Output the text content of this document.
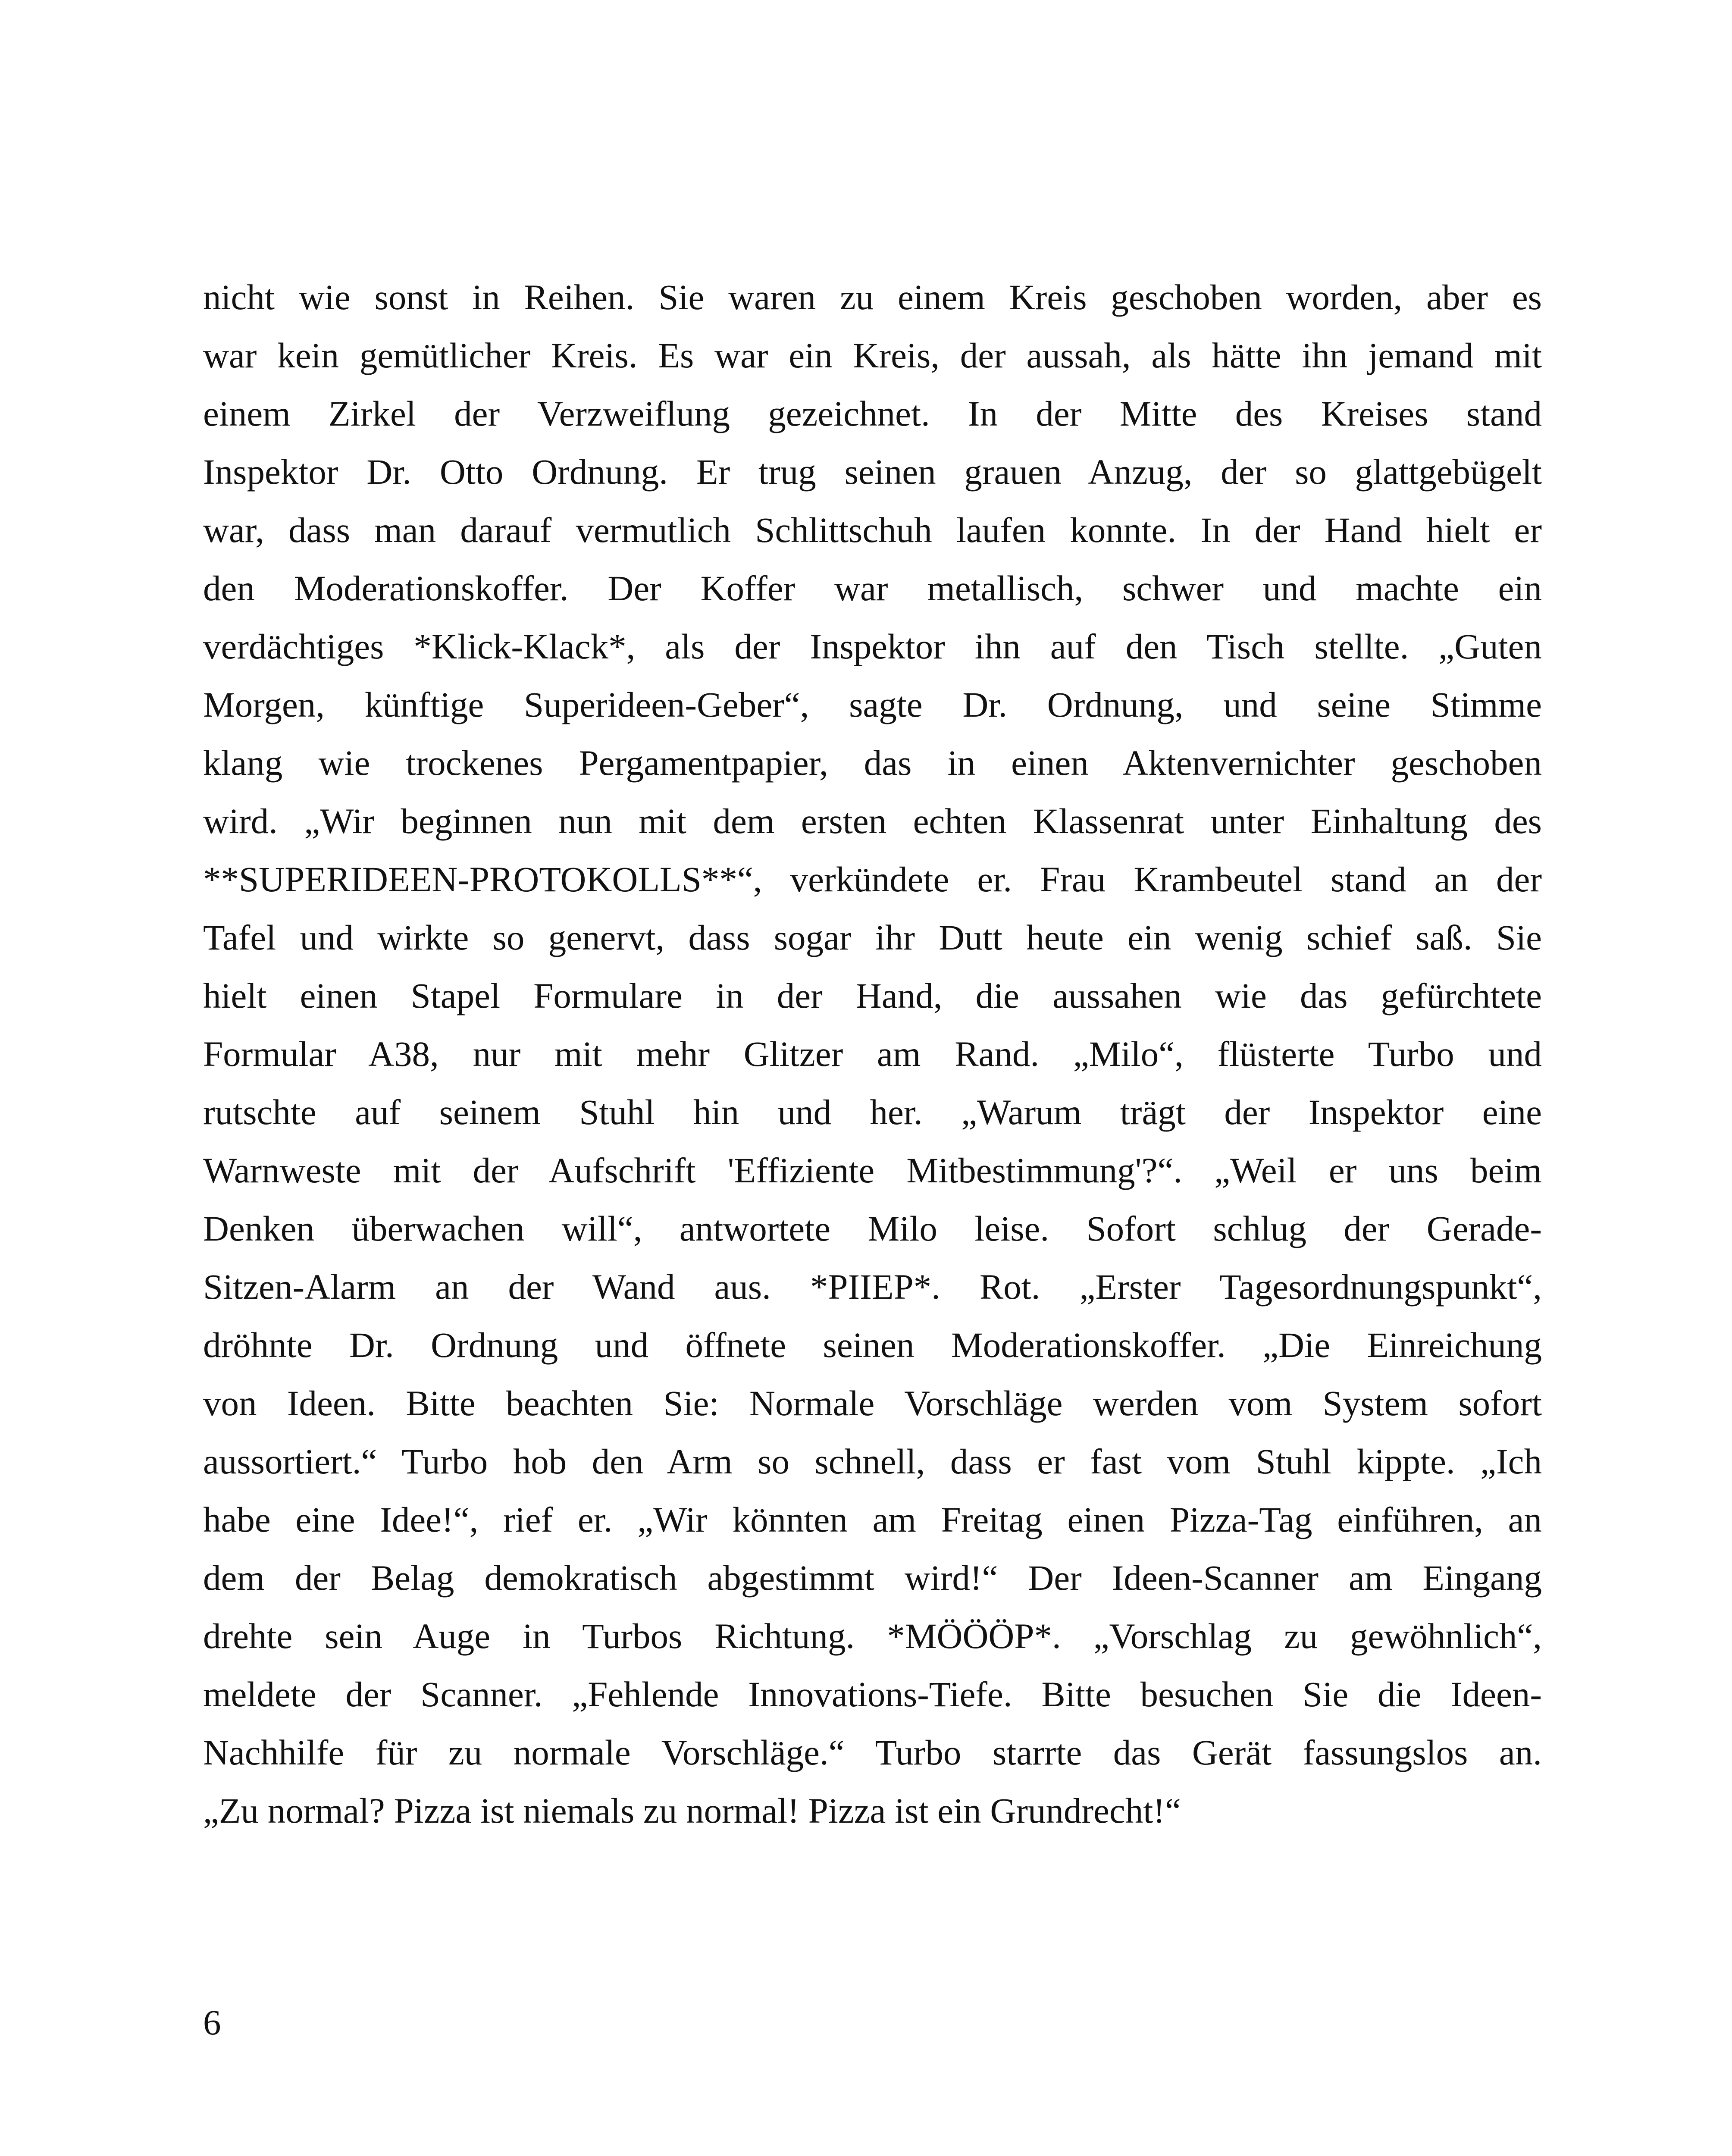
nicht wie sonst in Reihen. Sie waren zu einem Kreis geschoben worden, aber es
war kein gemütlicher Kreis. Es war ein Kreis, der aussah, als hätte ihn jemand mit
einem Zirkel der Verzweiflung gezeichnet. In der Mitte des Kreises stand
Inspektor Dr. Otto Ordnung. Er trug seinen grauen Anzug, der so glattgebügelt
war, dass man darauf vermutlich Schlittschuh laufen konnte. In der Hand hielt er
den Moderationskoffer. Der Koffer war metallisch, schwer und machte ein
verdächtiges *Klick-Klack*, als der Inspektor ihn auf den Tisch stellte. „Guten
Morgen, künftige Superideen-Geber“, sagte Dr. Ordnung, und seine Stimme
klang wie trockenes Pergamentpapier, das in einen Aktenvernichter geschoben
wird. „Wir beginnen nun mit dem ersten echten Klassenrat unter Einhaltung des
**SUPERIDEEN-PROTOKOLLS**“, verkündete er. Frau Krambeutel stand an der
Tafel und wirkte so genervt, dass sogar ihr Dutt heute ein wenig schief saß. Sie
hielt einen Stapel Formulare in der Hand, die aussahen wie das gefürchtete
Formular A38, nur mit mehr Glitzer am Rand. „Milo“, flüsterte Turbo und
rutschte auf seinem Stuhl hin und her. „Warum trägt der Inspektor eine
Warnweste mit der Aufschrift 'Effiziente Mitbestimmung'?“. „Weil er uns beim
Denken überwachen will“, antwortete Milo leise. Sofort schlug der Gerade-
Sitzen-Alarm an der Wand aus. *PIIEP*. Rot. „Erster Tagesordnungspunkt“,
dröhnte Dr. Ordnung und öffnete seinen Moderationskoffer. „Die Einreichung
von Ideen. Bitte beachten Sie: Normale Vorschläge werden vom System sofort
aussortiert.“ Turbo hob den Arm so schnell, dass er fast vom Stuhl kippte. „Ich
habe eine Idee!“, rief er. „Wir könnten am Freitag einen Pizza-Tag einführen, an
dem der Belag demokratisch abgestimmt wird!“ Der Ideen-Scanner am Eingang
drehte sein Auge in Turbos Richtung. *MÖÖÖP*. „Vorschlag zu gewöhnlich“,
meldete der Scanner. „Fehlende Innovations-Tiefe. Bitte besuchen Sie die Ideen-
Nachhilfe für zu normale Vorschläge.“ Turbo starrte das Gerät fassungslos an.
„Zu normal? Pizza ist niemals zu normal! Pizza ist ein Grundrecht!“
6
